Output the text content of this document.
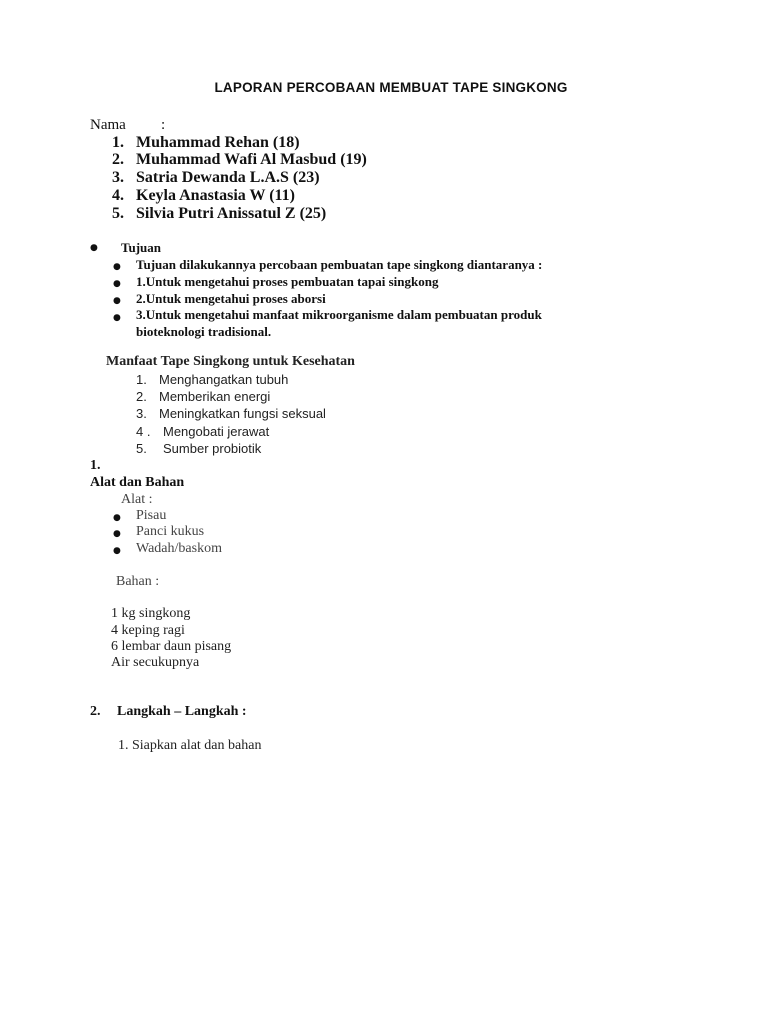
LAPORAN PERCOBAAN MEMBUAT TAPE SINGKONG
Nama :
1. Muhammad Rehan (18)
2. Muhammad Wafi Al Masbud (19)
3. Satria Dewanda L.A.S (23)
4. Keyla Anastasia W (11)
5. Silvia Putri Anissatul Z (25)
● Tujuan
● Tujuan dilakukannya percobaan pembuatan tape singkong diantaranya :
● 1.Untuk mengetahui proses pembuatan tapai singkong
● 2.Untuk mengetahui proses aborsi
● 3.Untuk mengetahui manfaat mikroorganisme dalam pembuatan produk
bioteknologi tradisional.
Manfaat Tape Singkong untuk Kesehatan
1. Menghangatkan tubuh
2. Memberikan energi
3. Meningkatkan fungsi seksual
4 . Mengobati jerawat
5. Sumber probiotik
1.
Alat dan Bahan
Alat :
● Pisau
● Panci kukus
● Wadah/baskom
Bahan :
1 kg singkong
4 keping ragi
6 lembar daun pisang
Air secukupnya
2. Langkah – Langkah :
1. Siapkan alat dan bahan
